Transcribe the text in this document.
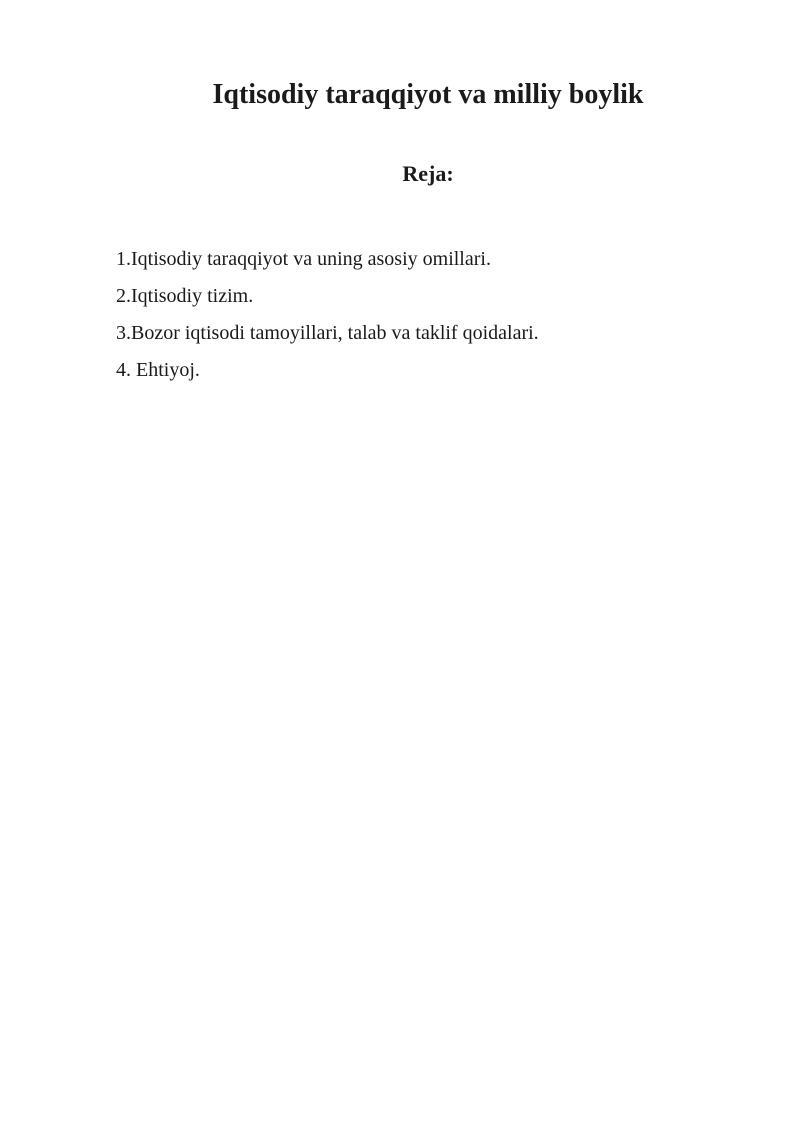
Iqtisodiy taraqqiyot va milliy boylik
Reja:
1.Iqtisodiy taraqqiyot va uning asosiy omillari.
2.Iqtisodiy tizim.
3.Bozor iqtisodi tamoyillari, talab va taklif qoidalari.
4. Ehtiyoj.
